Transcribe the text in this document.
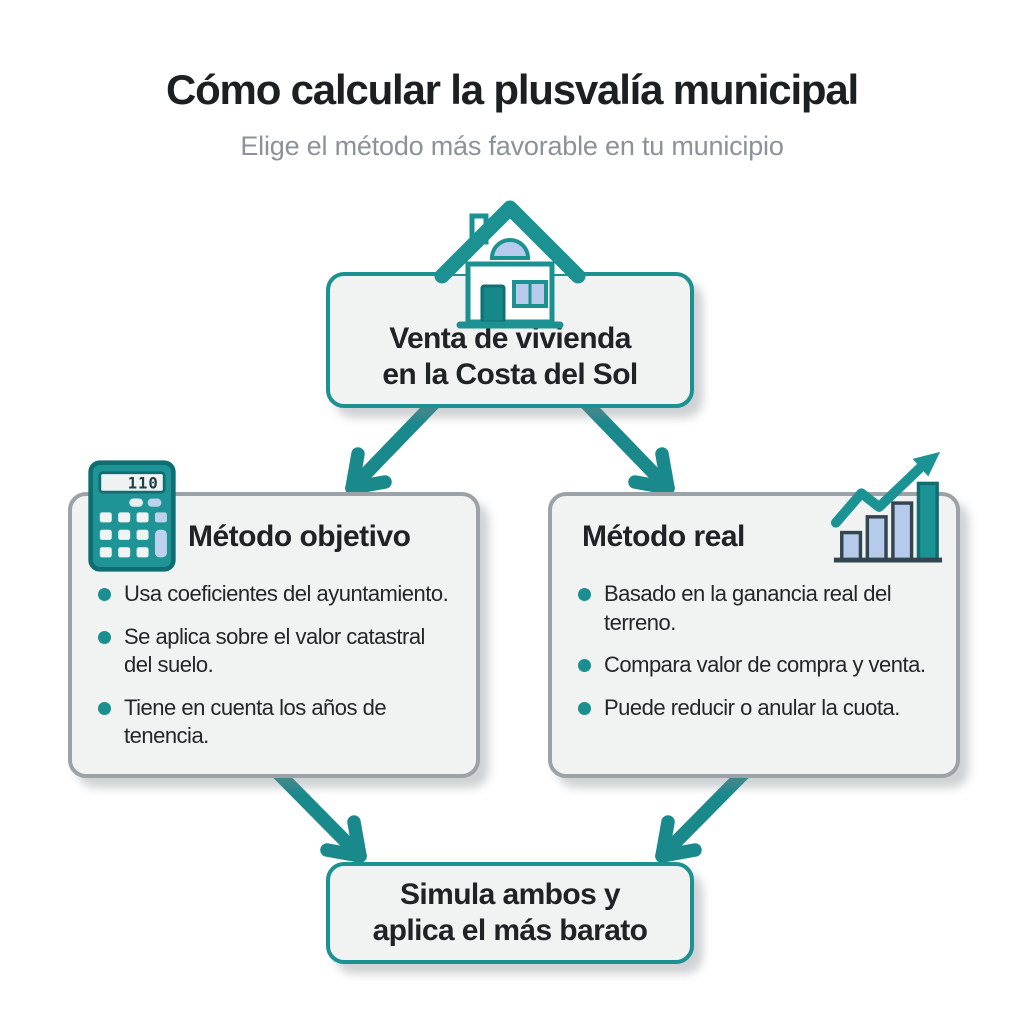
Cómo calcular la plusvalía municipal
Elige el método más favorable en tu municipio
Venta de vivienda
en la Costa del Sol
Método objetivo
Usa coeficientes del ayuntamiento.
Se aplica sobre el valor catastral del suelo.
Tiene en cuenta los años de tenencia.
110
Método real
Basado en la ganancia real del terreno.
Compara valor de compra y venta.
Puede reducir o anular la cuota.
Simula ambos y
aplica el más barato
